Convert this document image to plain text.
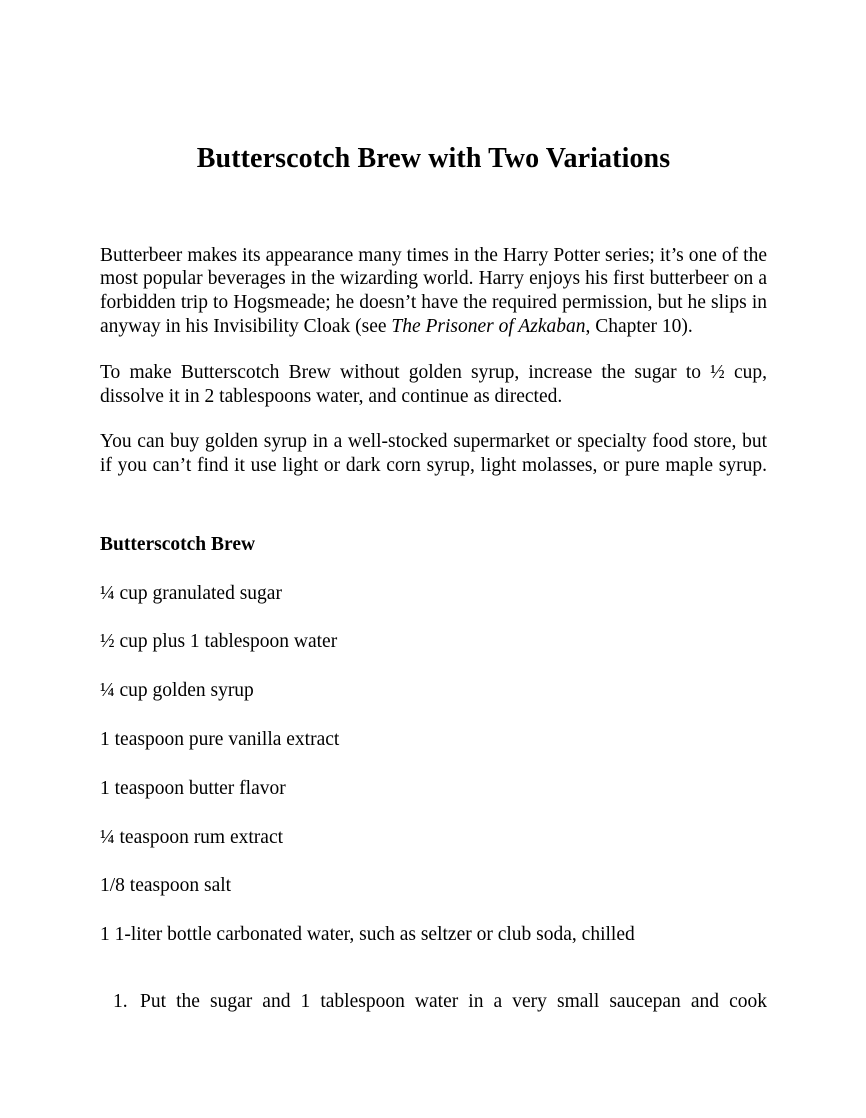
Butterscotch Brew with Two Variations

Butterbeer makes its appearance many times in the Harry Potter series; it’s one of the most popular beverages in the wizarding world. Harry enjoys his first butterbeer on a forbidden trip to Hogsmeade; he doesn’t have the required permission, but he slips in anyway in his Invisibility Cloak (see The Prisoner of Azkaban, Chapter 10).

To make Butterscotch Brew without golden syrup, increase the sugar to ½ cup, dissolve it in 2 tablespoons water, and continue as directed.

You can buy golden syrup in a well-stocked supermarket or specialty food store, but if you can’t find it use light or dark corn syrup, light molasses, or pure maple syrup.

Butterscotch Brew

¼ cup granulated sugar

½ cup plus 1 tablespoon water

¼ cup golden syrup

1 teaspoon pure vanilla extract

1 teaspoon butter flavor

¼ teaspoon rum extract

1/8 teaspoon salt

1 1-liter bottle carbonated water, such as seltzer or club soda, chilled

1. Put the sugar and 1 tablespoon water in a very small saucepan and cook
